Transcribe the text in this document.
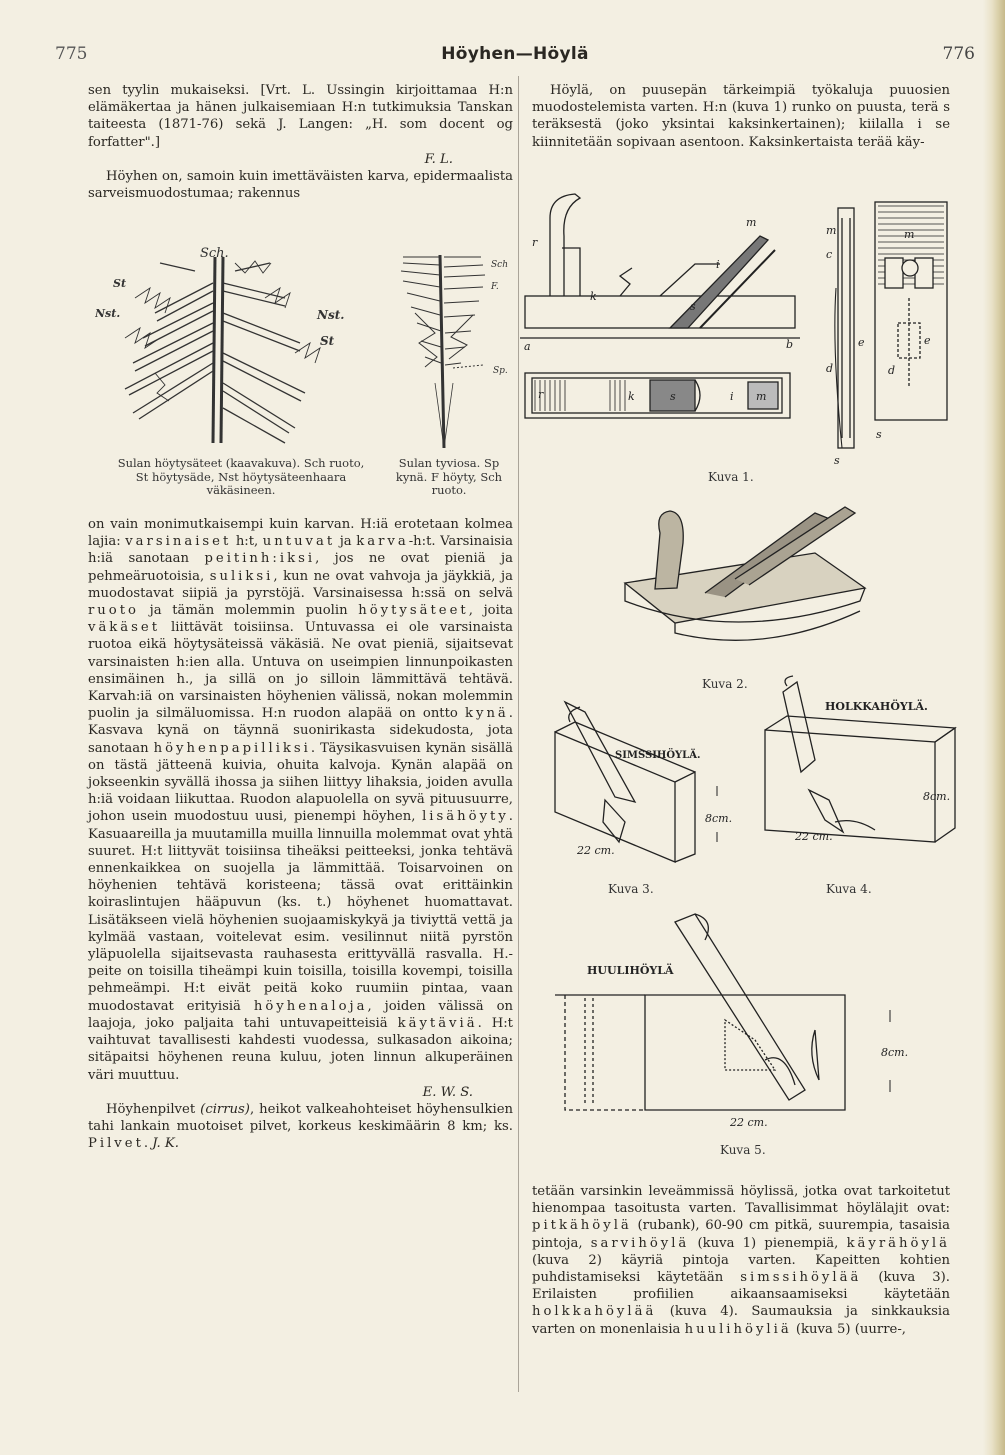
775	Höyhen—Höylä	776

sen tyylin mukaiseksi. [Vrt. L. Ussingin kirjoittamaa H:n elämäkertaa ja hänen julkaisemiaan H:n tutkimuksia Tanskan taiteesta (1871-76) sekä J. Langen: „H. som docent og forfatter".]

F. L.

Höyhen on, samoin kuin imettäväisten karva, epidermaalista sarveismuodostumaa; rakennus

Sch.
St
Nst.	Nst.
St
Sch
F.
Sp.
Sulan höytysäteet (kaavakuva). Sch ruoto, St höytysäde, Nst höytysäteenhaara väkäsineen.
Sulan tyviosa. Sp kynä. F höyty, Sch ruoto.

on vain monimutkaisempi kuin karvan. H:iä erotetaan kolmea lajia: varsinaiset h:t, untuvat ja karva-h:t. Varsinaisia h:iä sanotaan peitinh:iksi, jos ne ovat pieniä ja pehmeäruotoisia, suliksi, kun ne ovat vahvoja ja jäykkiä, ja muodostavat siipiä ja pyrstöjä. Varsinaisessa h:ssä on selvä ruoto ja tämän molemmin puolin höytysäteet, joita väkäset liittävät toisiinsa. Untuvassa ei ole varsinaista ruotoa eikä höytysäteissä väkäsiä. Ne ovat pieniä, sijaitsevat varsinaisten h:ien alla. Untuva on useimpien linnunpoikasten ensimäinen h., ja sillä on jo silloin lämmittävä tehtävä. Karvah:iä on varsinaisten höyhenien välissä, nokan molemmin puolin ja silmäluomissa. H:n ruodon alapää on ontto kynä. Kasvava kynä on täynnä suonirikasta sidekudosta, jota sanotaan höyhenpapilliksi. Täysikasvuisen kynän sisällä on tästä jätteenä kuivia, ohuita kalvoja. Kynän alapää on jokseenkin syvällä ihossa ja siihen liittyy lihaksia, joiden avulla h:iä voidaan liikuttaa. Ruodon alapuolella on syvä pituusuurre, johon usein muodostuu uusi, pienempi höyhen, lisähöyty. Kasuaareilla ja muutamilla muilla linnuilla molemmat ovat yhtä suuret. H:t liittyvät toisiinsa tiheäksi peitteeksi, jonka tehtävä ennenkaikkea on suojella ja lämmittää. Toisarvoinen on höyhenien tehtävä koristeena; tässä ovat erittäinkin koiraslintujen hääpuvun (ks. t.) höyhenet huomattavat. Lisätäkseen vielä höyhenien suojaamiskykyä ja tiviyttä vettä ja kylmää vastaan, voitelevat esim. vesilinnut niitä pyrstön yläpuolella sijaitsevasta rauhasesta erittyvällä rasvalla. H.-peite on toisilla tiheämpi kuin toisilla, toisilla kovempi, toisilla pehmeämpi. H:t eivät peitä koko ruumiin pintaa, vaan muodostavat erityisiä höyhenaloja, joiden välissä on laajoja, joko paljaita tahi untuvapeitteisiä käytäviä. H:t vaihtuvat tavallisesti kahdesti vuodessa, sulkasadon aikoina; sitäpaitsi höyhenen reuna kuluu, joten linnun alkuperäinen väri muuttuu.

E. W. S.

Höyhenpilvet (cirrus), heikot valkeahohteiset höyhensulkien tahi lankain muotoiset pilvet, korkeus keskimäärin 8 km; ks. Pilvet. J. K.

Höylä, on puusepän tärkeimpiä työkaluja puuosien muodostelemista varten. H:n (kuva 1) runko on puusta, terä s teräksestä (joko yksintai kaksinkertainen); kiilalla i se kiinnitetään sopivaan asentoon. Kaksinkertaista terää käy-

r
i
m
k
s
a	b
r	k	s	i m
m
c
e
d
s
m
e
d
s
Kuva 1.
Kuva 2.
HOLKKAHÖYLÄ.
SIMSSIHÖYLÄ.
8cm.
22 cm.
8cm.
22 cm.
Kuva 3.	Kuva 4.
HUULIHÖYLÄ
8cm.
22 cm.
Kuva 5.

tetään varsinkin leveämmissä höylissä, jotka ovat tarkoitetut hienompaa tasoitusta varten. Tavallisimmat höylälajit ovat: pitkähöylä (rubank), 60-90 cm pitkä, suurempia, tasaisia pintoja, sarvihöylä (kuva 1) pienempiä, käyrähöylä (kuva 2) käyriä pintoja varten. Kapeitten kohtien puhdistamiseksi käytetään simssihöylää (kuva 3). Erilaisten profiilien aikaansaamiseksi käytetään holkkahöylää (kuva 4). Saumauksia ja sinkkauksia varten on monenlaisia huulihöyliä (kuva 5) (uurre-,
